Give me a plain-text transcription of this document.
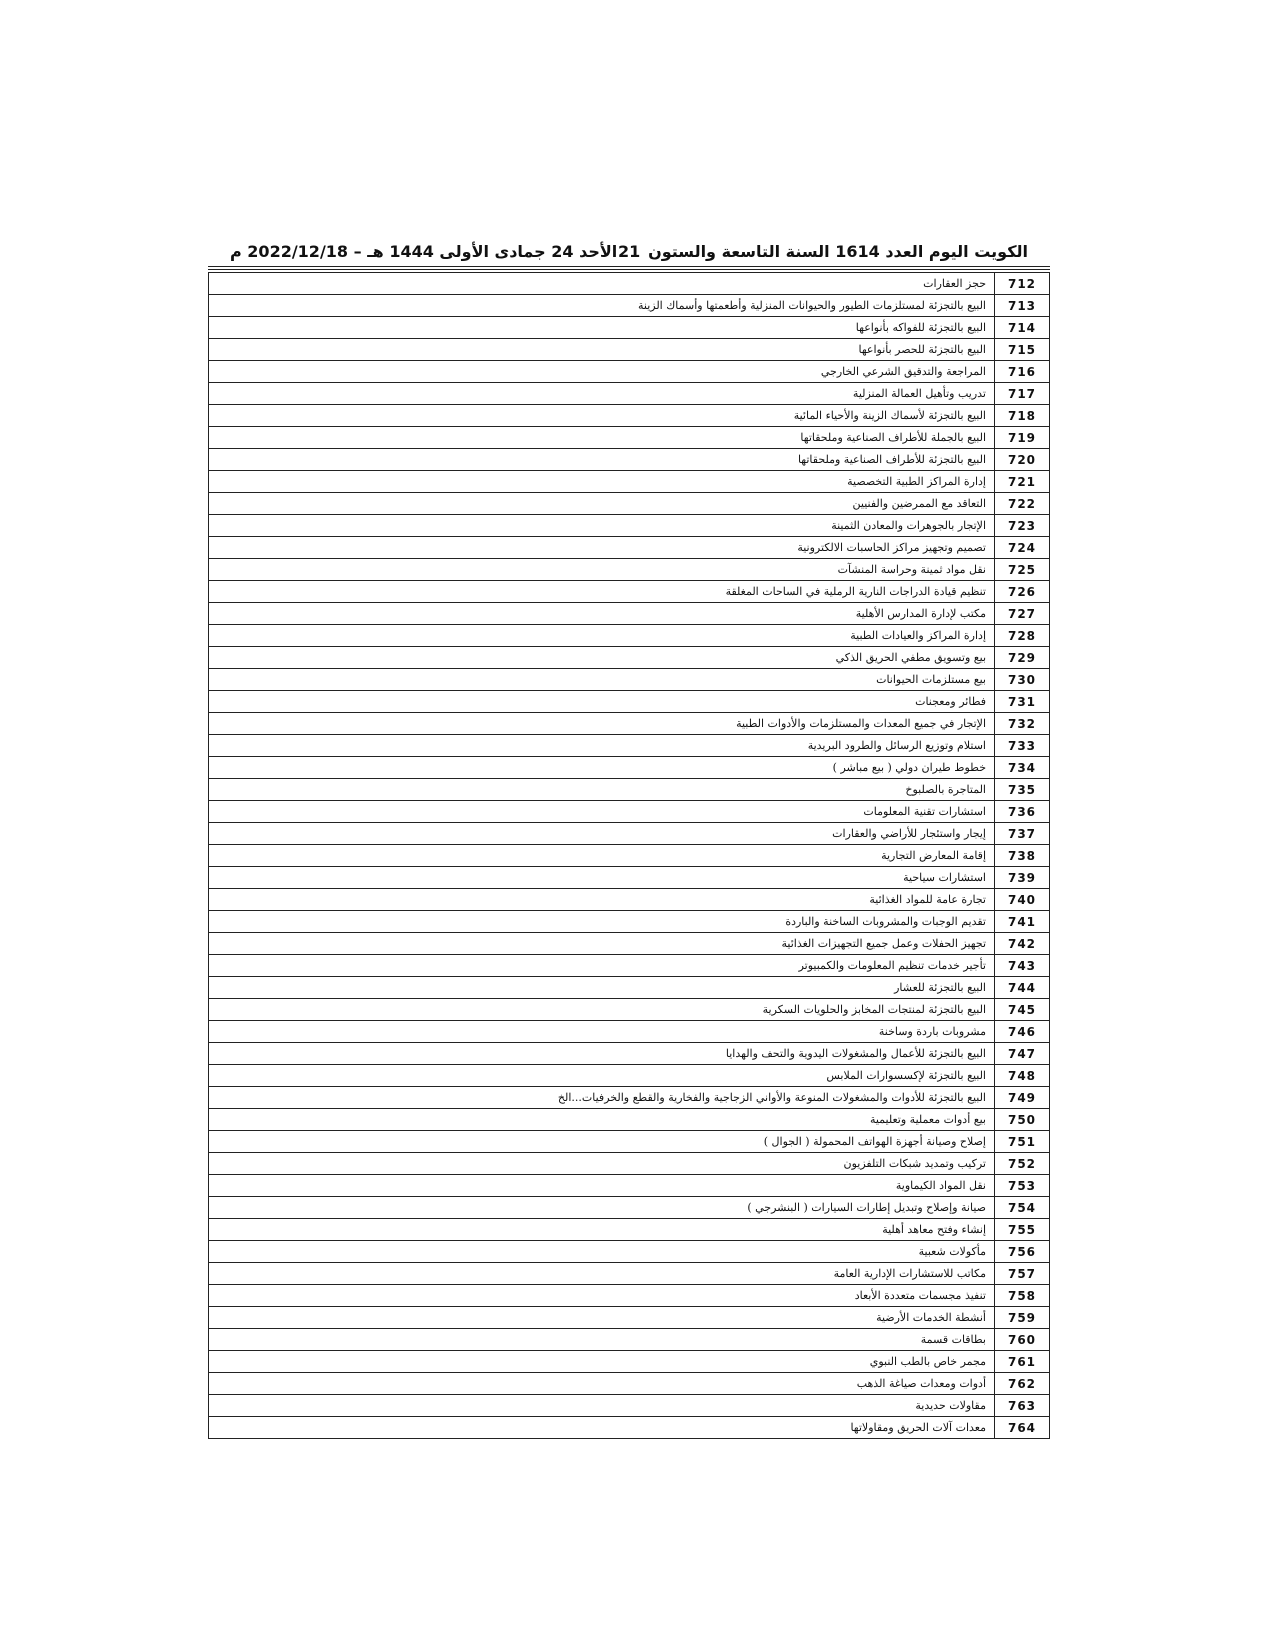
الكويت اليوم العدد 1614 السنة التاسعة والستون
21
الأحد 24 جمادى الأولى 1444 هـ – 2022/12/18 م
712	حجز العقارات
713	البيع بالتجزئة لمستلزمات الطيور والحيوانات المنزلية وأطعمتها وأسماك الزينة
714	البيع بالتجزئة للفواكه بأنواعها
715	البيع بالتجزئة للحصر بأنواعها
716	المراجعة والتدقيق الشرعي الخارجي
717	تدريب وتأهيل العمالة المنزلية
718	البيع بالتجزئة لأسماك الزينة والأحياء المائية
719	البيع بالجملة للأطراف الصناعية وملحقاتها
720	البيع بالتجزئة للأطراف الصناعية وملحقاتها
721	إدارة المراكز الطبية التخصصية
722	التعاقد مع الممرضين والفنيين
723	الإتجار بالجوهرات والمعادن الثمينة
724	تصميم وتجهيز مراكز الحاسبات الالكترونية
725	نقل مواد ثمينة وحراسة المنشآت
726	تنظيم قيادة الدراجات النارية الرملية في الساحات المغلقة
727	مكتب لإدارة المدارس الأهلية
728	إدارة المراكز والعيادات الطبية
729	بيع وتسويق مطفي الحريق الذكي
730	بيع مستلزمات الحيوانات
731	فطائر ومعجنات
732	الإتجار في جميع المعدات والمستلزمات والأدوات الطبية
733	استلام وتوزيع الرسائل والطرود البريدية
734	خطوط طيران دولي ( بيع مباشر )
735	المتاجرة بالصلبوخ
736	استشارات تقنية المعلومات
737	إيجار واستئجار للأراضي والعقارات
738	إقامة المعارض التجارية
739	استشارات سياحية
740	تجارة عامة للمواد الغذائية
741	تقديم الوجبات والمشروبات الساخنة والباردة
742	تجهيز الحفلات وعمل جميع التجهيزات الغذائية
743	تأجير خدمات تنظيم المعلومات والكمبيوتر
744	البيع بالتجزئة للعشار
745	البيع بالتجزئة لمنتجات المخابز والحلويات السكرية
746	مشروبات باردة وساخنة
747	البيع بالتجزئة للأعمال والمشغولات اليدوية والتحف والهدايا
748	البيع بالتجزئة لإكسسوارات الملابس
749	البيع بالتجزئة للأدوات والمشغولات المنوعة والأواني الزجاجية والفخارية والقطع والخرفيات...الخ
750	بيع أدوات معملية وتعليمية
751	إصلاح وصيانة أجهزة الهواتف المحمولة ( الجوال )
752	تركيب وتمديد شبكات التلفزيون
753	نقل المواد الكيماوية
754	صيانة وإصلاح وتبديل إطارات السيارات ( البنشرجي )
755	إنشاء وفتح معاهد أهلية
756	مأكولات شعبية
757	مكاتب للاستشارات الإدارية العامة
758	تنفيذ مجسمات متعددة الأبعاد
759	أنشطة الخدمات الأرضية
760	بطاقات قسمة
761	مجمر خاص بالطب النبوي
762	أدوات ومعدات صياغة الذهب
763	مقاولات حديدية
764	معدات آلات الحريق ومقاولاتها
